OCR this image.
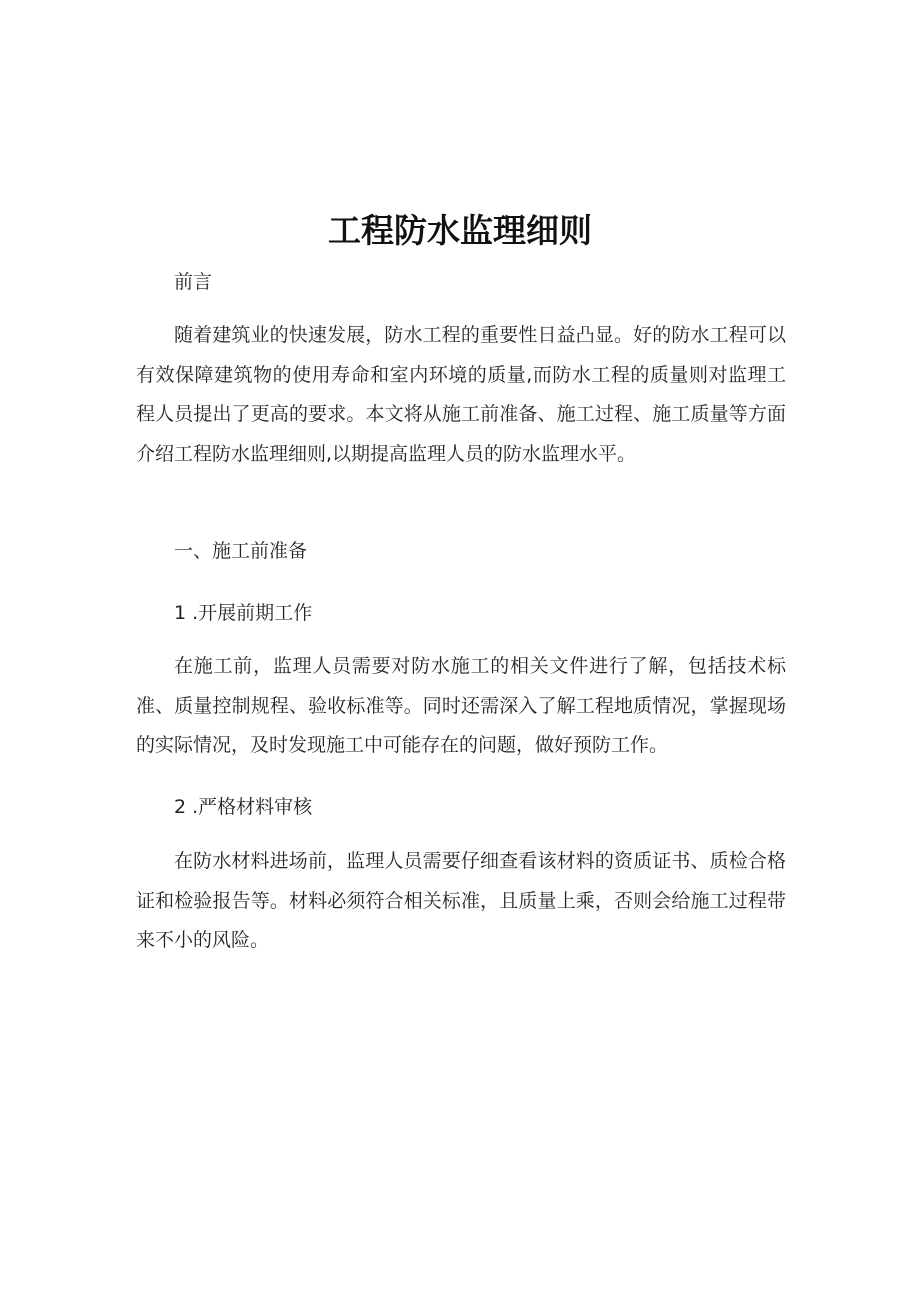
工程防水监理细则

前言

随着建筑业的快速发展，防水工程的重要性日益凸显。好的防水工程可以有效保障建筑物的使用寿命和室内环境的质量,而防水工程的质量则对监理工程人员提出了更高的要求。本文将从施工前准备、施工过程、施工质量等方面介绍工程防水监理细则,以期提高监理人员的防水监理水平。

一、施工前准备

1 .开展前期工作

在施工前，监理人员需要对防水施工的相关文件进行了解，包括技术标准、质量控制规程、验收标准等。同时还需深入了解工程地质情况，掌握现场的实际情况，及时发现施工中可能存在的问题，做好预防工作。

2 .严格材料审核

在防水材料进场前，监理人员需要仔细查看该材料的资质证书、质检合格证和检验报告等。材料必须符合相关标准，且质量上乘，否则会给施工过程带来不小的风险。
